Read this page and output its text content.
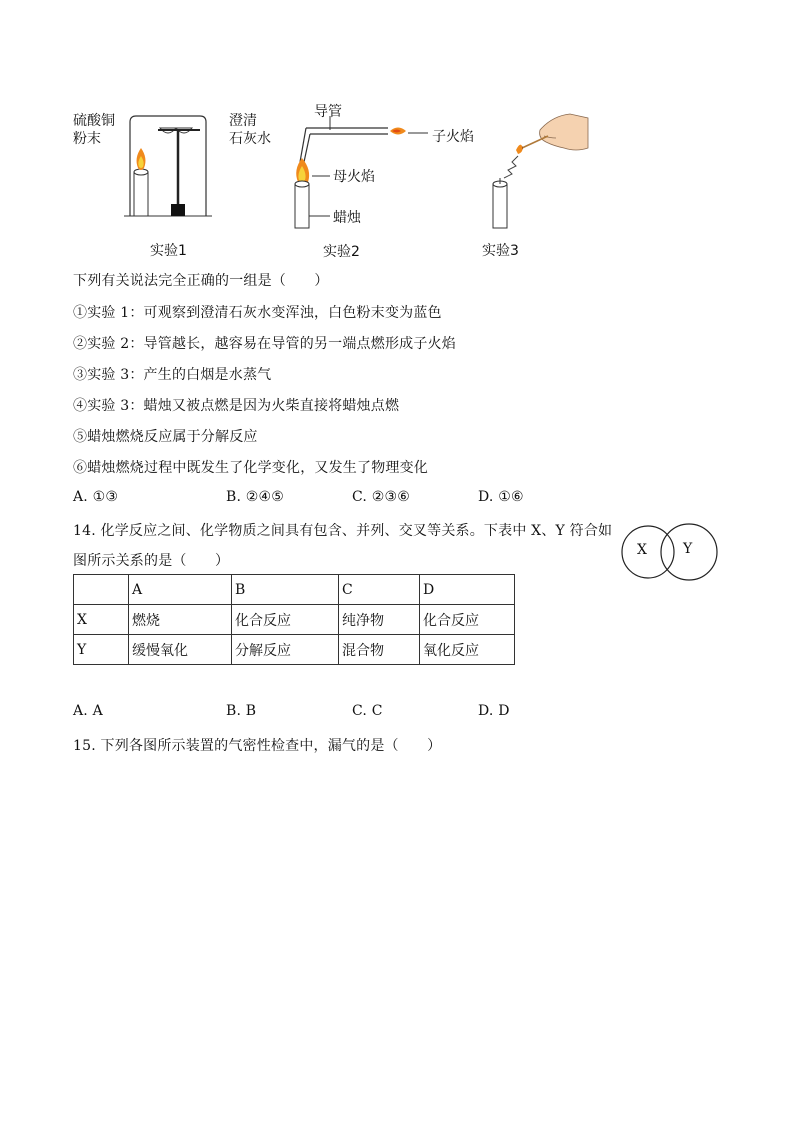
硫酸铜
粉末
澄清
石灰水
实验1
导管
子火焰
母火焰
蜡烛
实验2	实验3
下列有关说法完全正确的一组是（　　）
①实验 1：可观察到澄清石灰水变浑浊，白色粉末变为蓝色
②实验 2：导管越长，越容易在导管的另一端点燃形成子火焰
③实验 3：产生的白烟是水蒸气
④实验 3：蜡烛又被点燃是因为火柴直接将蜡烛点燃
⑤蜡烛燃烧反应属于分解反应
⑥蜡烛燃烧过程中既发生了化学变化，又发生了物理变化
A. ①③	B. ②④⑤	C. ②③⑥	D. ①⑥
14. 化学反应之间、化学物质之间具有包含、并列、交叉等关系。下表中 X、Y 符合如
图所示关系的是（　　）
X	Y
	A	B	C	D
X	燃烧	化合反应	纯净物	化合反应
Y	缓慢氧化	分解反应	混合物	氧化反应
A. A	B. B	C. C	D. D
15. 下列各图所示装置的气密性检查中，漏气的是（　　）
